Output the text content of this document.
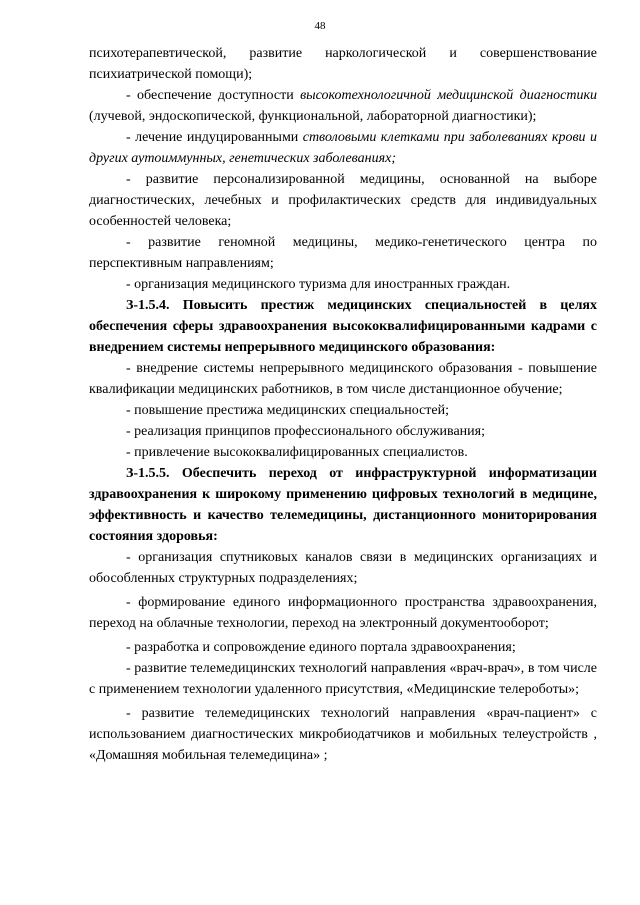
48

психотерапевтической, развитие наркологической и совершенствование психиатрической помощи);

- обеспечение доступности высокотехнологичной медицинской диагностики (лучевой, эндоскопической, функциональной, лабораторной диагностики);

- лечение индуцированными стволовыми клетками при заболеваниях крови и других аутоиммунных, генетических заболеваниях;

- развитие персонализированной медицины, основанной на выборе диагностических, лечебных и профилактических средств для индивидуальных особенностей человека;

- развитие геномной медицины, медико-генетического центра по перспективным направлениям;

- организация медицинского туризма для иностранных граждан.

З-1.5.4. Повысить престиж медицинских специальностей в целях обеспечения сферы здравоохранения высококвалифицированными кадрами с внедрением системы непрерывного медицинского образования:

- внедрение системы непрерывного медицинского образования - повышение квалификации медицинских работников, в том числе дистанционное обучение;

- повышение престижа медицинских специальностей;

- реализация принципов профессионального обслуживания;

- привлечение высококвалифицированных специалистов.

З-1.5.5. Обеспечить переход от инфраструктурной информатизации здравоохранения к широкому применению цифровых технологий в медицине, эффективность и качество телемедицины, дистанционного мониторирования состояния здоровья:

- организация спутниковых каналов связи в медицинских организациях и обособленных структурных подразделениях;

- формирование единого информационного пространства здравоохранения, переход на облачные технологии, переход на электронный документооборот;

- разработка и сопровождение единого портала здравоохранения;

- развитие телемедицинских технологий направления «врач-врач», в том числе с применением технологии удаленного присутствия, «Медицинские телероботы»;

- развитие телемедицинских технологий направления «врач-пациент» с использованием диагностических микробиодатчиков и мобильных телеустройств , «Домашняя мобильная телемедицина» ;
